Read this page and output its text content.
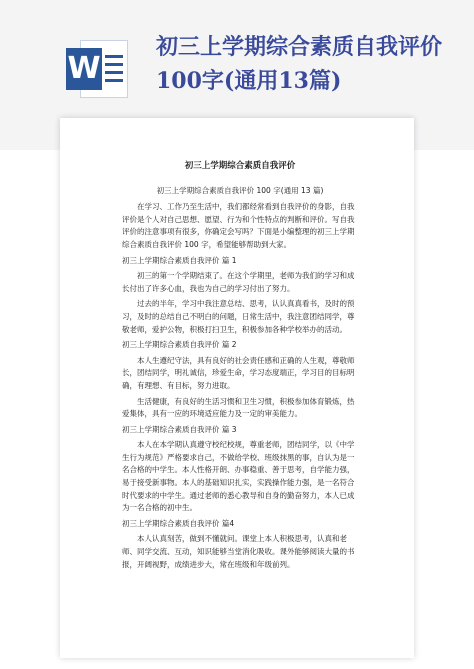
W
初三上学期综合素质自我评价100字(通用13篇)
初三上学期综合素质自我评价
初三上学期综合素质自我评价 100 字(通用 13 篇)
在学习、工作乃至生活中，我们都经常看到自我评价的身影，自我评价是个人对自己思想、愿望、行为和个性特点的判断和评价。写自我评价的注意事项有很多，你确定会写吗？下面是小编整理的初三上学期综合素质自我评价 100 字，希望能够帮助到大家。
初三上学期综合素质自我评价 篇 1
初三的第一个学期结束了。在这个学期里，老师为我们的学习和成长付出了许多心血，我也为自己的学习付出了努力。
过去的半年，学习中我注意总结、思考，认认真真看书，及时的预习，及时的总结自己不明白的问题，日常生活中，我注意团结同学，尊敬老师，爱护公物，积极打扫卫生，积极参加各种学校举办的活动。
初三上学期综合素质自我评价 篇 2
本人生遵纪守法，具有良好的社会责任感和正确的人生观，尊敬师长，团结同学，明礼诚信，珍爱生命，学习态度端正，学习目的目标明确，有理想、有目标，努力进取。
生活健康，有良好的生活习惯和卫生习惯，积极参加体育锻炼，热爱集体，具有一应的环境适应能力及一定的审美能力。
初三上学期综合素质自我评价 篇 3
本人在本学期认真遵守校纪校规，尊重老师，团结同学，以《中学生行为规范》严格要求自己，不做给学校、班级抹黑的事，自认为是一名合格的中学生。本人性格开朗、办事稳重、善于思考，自学能力强，易于接受新事物。本人的基础知识扎实，实践操作能力强，是一名符合时代要求的中学生。通过老师的悉心教导和自身的勤奋努力，本人已成为一名合格的初中生。
初三上学期综合素质自我评价 篇4
本人认真刻苦，做到不懂就问。课堂上本人积极思考，认真和老师、同学交流、互动，知识能够当堂消化吸收。课外能够阅读大量的书报，开阔视野，成绩进步大，常在班级和年级前列。
